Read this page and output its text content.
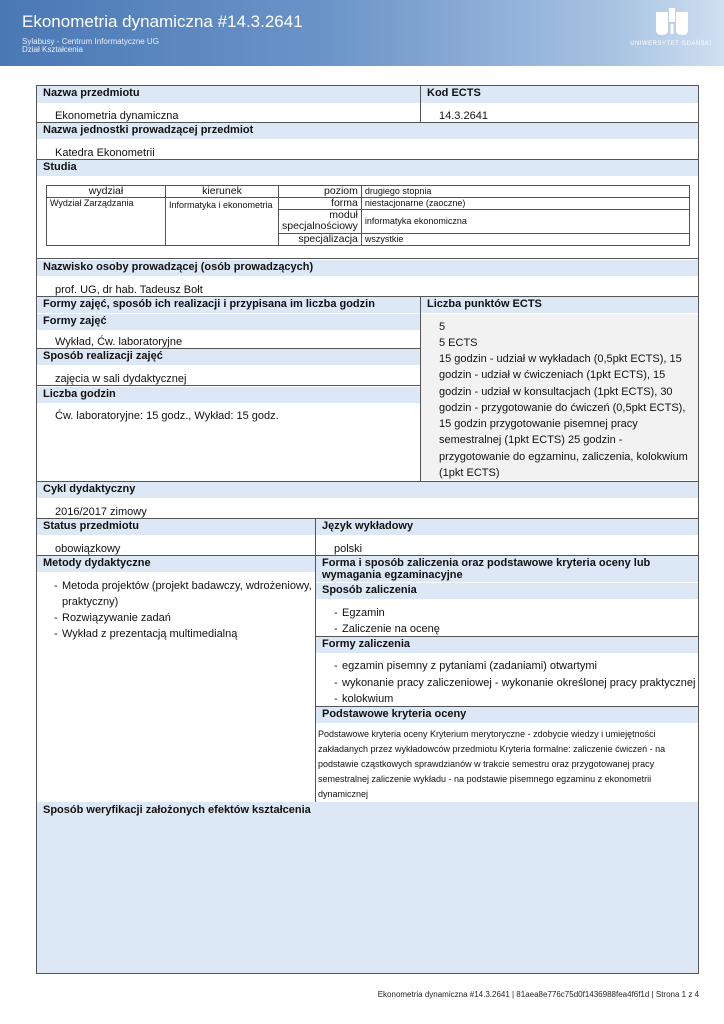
Ekonometria dynamiczna #14.3.2641
Sylabusy - Centrum Informatyczne UG
Dział Kształcenia
UNIWERSYTET GDAŃSKI
Nazwa przedmiotu	Kod ECTS
Ekonometria dynamiczna	14.3.2641
Nazwa jednostki prowadzącej przedmiot
Katedra Ekonometrii
Studia
wydział	kierunek	poziom	drugiego stopnia
Wydział Zarządzania	Informatyka i ekonometria	forma	niestacjonarne (zaoczne)
		moduł specjalnościowy	informatyka ekonomiczna
		specjalizacja	wszystkie
Nazwisko osoby prowadzącej (osób prowadzących)
prof. UG, dr hab. Tadeusz Bołt
Formy zajęć, sposób ich realizacji i przypisana im liczba godzin	Liczba punktów ECTS
Formy zajęć
Wykład, Ćw. laboratoryjne
Sposób realizacji zajęć
zajęcia w sali dydaktycznej
Liczba godzin
Ćw. laboratoryjne: 15 godz., Wykład: 15 godz.
5
5 ECTS
15 godzin - udział w wykładach (0,5pkt ECTS), 15
godzin - udział w ćwiczeniach (1pkt ECTS), 15
godzin - udział w konsultacjach (1pkt ECTS), 30
godzin - przygotowanie do ćwiczeń (0,5pkt ECTS),
15 godzin przygotowanie pisemnej pracy
semestralnej (1pkt ECTS) 25 godzin -
przygotowanie do egzaminu, zaliczenia, kolokwium
(1pkt ECTS)
Cykl dydaktyczny
2016/2017 zimowy
Status przedmiotu	Język wykładowy
obowiązkowy	polski
Metody dydaktyczne	Forma i sposób zaliczenia oraz podstawowe kryteria oceny lub wymagania egzaminacyjne
- Metoda projektów (projekt badawczy, wdrożeniowy, praktyczny)
- Rozwiązywanie zadań
- Wykład z prezentacją multimedialną
Sposób zaliczenia
- Egzamin
- Zaliczenie na ocenę
Formy zaliczenia
- egzamin pisemny z pytaniami (zadaniami) otwartymi
- wykonanie pracy zaliczeniowej - wykonanie określonej pracy praktycznej
- kolokwium
Podstawowe kryteria oceny
Podstawowe kryteria oceny Kryterium merytoryczne - zdobycie wiedzy i umiejętności zakładanych przez wykładowców przedmiotu Kryteria formalne: zaliczenie ćwiczeń - na podstawie cząstkowych sprawdzianów w trakcie semestru oraz przygotowanej pracy semestralnej zaliczenie wykładu - na podstawie pisemnego egzaminu z ekonometrii dynamicznej
Sposób weryfikacji założonych efektów kształcenia
Ekonometria dynamiczna #14.3.2641 | 81aea8e776c75d0f1436988fea4f6f1d | Strona 1 z 4
